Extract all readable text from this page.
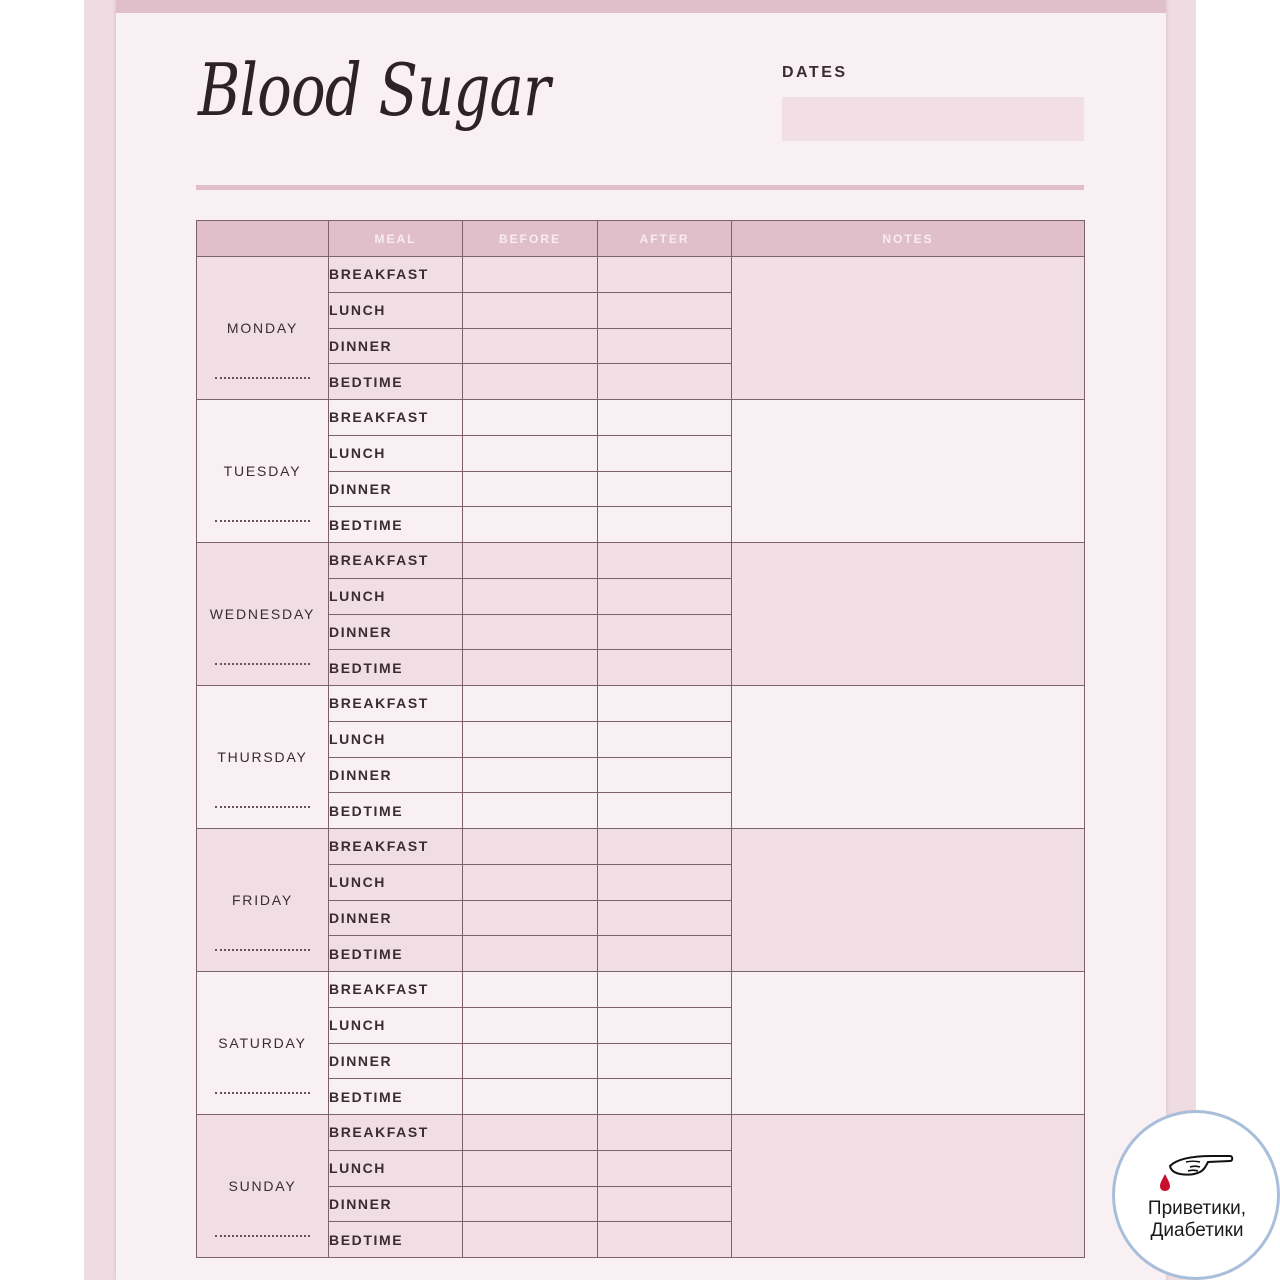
Blood Sugar	DATES
	MEAL	BEFORE	AFTER	NOTES
MONDAY	BREAKFAST			
	LUNCH			
	DINNER			
	BEDTIME			
TUESDAY	BREAKFAST			
	LUNCH			
	DINNER			
	BEDTIME			
WEDNESDAY	BREAKFAST			
	LUNCH			
	DINNER			
	BEDTIME			
THURSDAY	BREAKFAST			
	LUNCH			
	DINNER			
	BEDTIME			
FRIDAY	BREAKFAST			
	LUNCH			
	DINNER			
	BEDTIME			
SATURDAY	BREAKFAST			
	LUNCH			
	DINNER			
	BEDTIME			
SUNDAY	BREAKFAST			
	LUNCH			
	DINNER			
	BEDTIME			
Приветики,
Диабетики
